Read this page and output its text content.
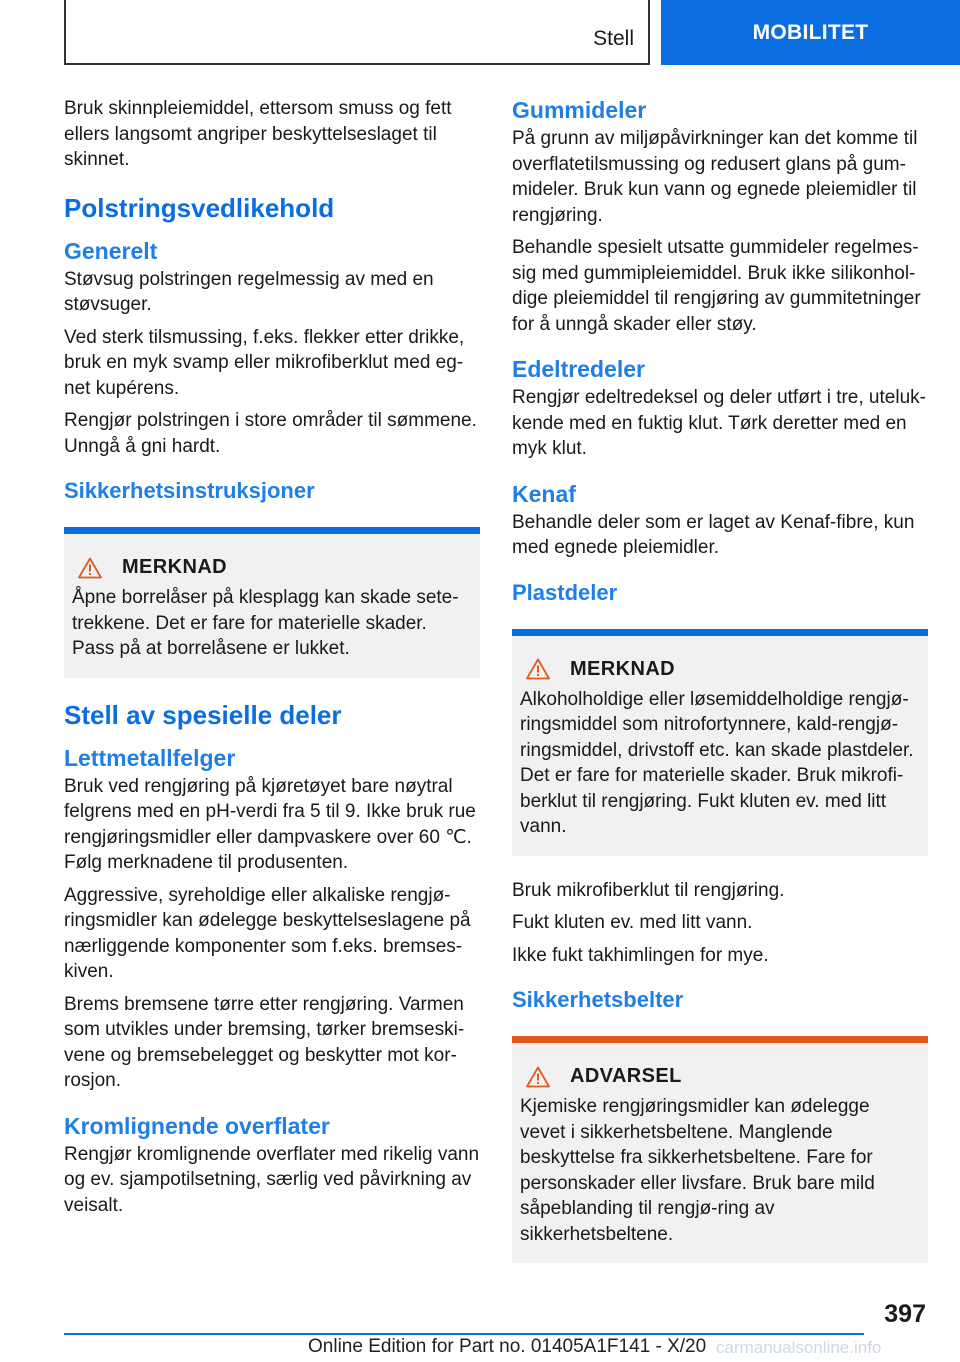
Stell	MOBILITET

Bruk skinnpleiemiddel, ettersom smuss og fett ellers langsomt angriper beskyttelseslaget til skinnet.

Polstringsvedlikehold
Generelt

Støvsug polstringen regelmessig av med en støvsuger.

Ved sterk tilsmussing, f.eks. flekker etter drikke, bruk en myk svamp eller mikrofiberklut med eg‐net kupérens.

Rengjør polstringen i store områder til sømmene. Unngå å gni hardt.

Sikkerhetsinstruksjoner
MERKNAD

Åpne borrelåser på klesplagg kan skade sete‐trekkene. Det er fare for materielle skader. Pass på at borrelåsene er lukket.

Stell av spesielle deler
Lettmetallfelger

Bruk ved rengjøring på kjøretøyet bare nøytral felgrens med en pH-verdi fra 5 til 9. Ikke bruk rue rengjøringsmidler eller dampvaskere over 60 ℃. Følg merknadene til produsenten.

Aggressive, syreholdige eller alkaliske rengjø‐ringsmidler kan ødelegge beskyttelseslagene på nærliggende komponenter som f.eks. bremses‐kiven.

Brems bremsene tørre etter rengjøring. Varmen som utvikles under bremsing, tørker bremseski‐vene og bremsebelegget og beskytter mot kor‐rosjon.

Kromlignende overflater

Rengjør kromlignende overflater med rikelig vann og ev. sjampotilsetning, særlig ved påvirkning av veisalt.

Gummideler

På grunn av miljøpåvirkninger kan det komme til overflatetilsmussing og redusert glans på gum‐mideler. Bruk kun vann og egnede pleiemidler til rengjøring.

Behandle spesielt utsatte gummideler regelmes‐sig med gummipleiemiddel. Bruk ikke silikonhol‐dige pleiemiddel til rengjøring av gummitetninger for å unngå skader eller støy.

Edeltredeler

Rengjør edeltredeksel og deler utført i tre, uteluk‐kende med en fuktig klut. Tørk deretter med en myk klut.

Kenaf

Behandle deler som er laget av Kenaf-fibre, kun med egnede pleiemidler.

Plastdeler
MERKNAD

Alkoholholdige eller løsemiddelholdige rengjø‐ringsmiddel som nitrofortynnere, kald-rengjø‐ringsmiddel, drivstoff etc. kan skade plastdeler. Det er fare for materielle skader. Bruk mikrofi‐berklut til rengjøring. Fukt kluten ev. med litt vann.

Bruk mikrofiberklut til rengjøring.

Fukt kluten ev. med litt vann.

Ikke fukt takhimlingen for mye.

Sikkerhetsbelter
ADVARSEL

Kjemiske rengjøringsmidler kan ødelegge vevet i sikkerhetsbeltene. Manglende beskyttelse fra sikkerhetsbeltene. Fare for personskader eller livsfare. Bruk bare mild såpeblanding til rengjø‐ring av sikkerhetsbeltene.

397
Online Edition for Part no. 01405A1F141 - X/20 carmanualsonline.info
